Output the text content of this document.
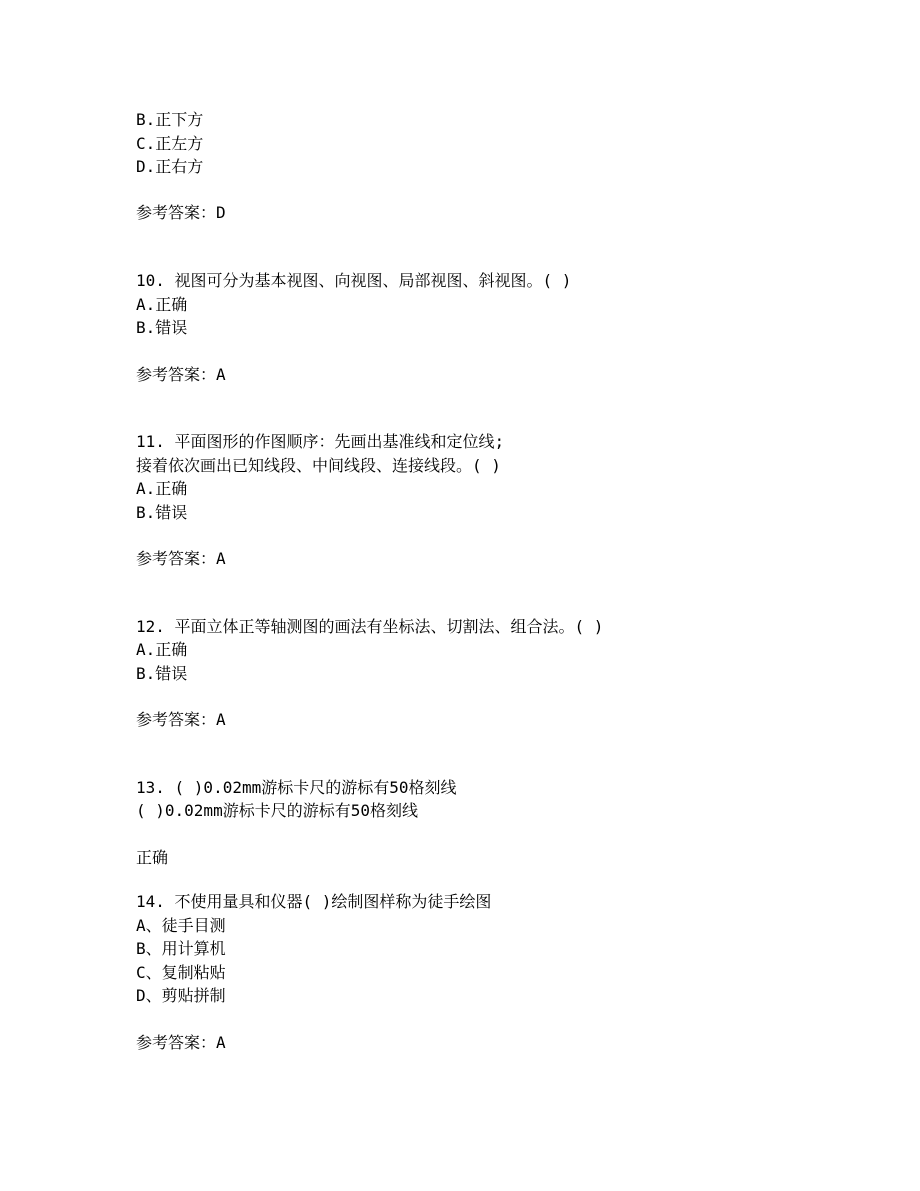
B.正下方
C.正左方
D.正右方
参考答案：D
10. 视图可分为基本视图、向视图、局部视图、斜视图。( )
A.正确
B.错误
参考答案：A
11. 平面图形的作图顺序：先画出基准线和定位线;
接着依次画出已知线段、中间线段、连接线段。( )
A.正确
B.错误
参考答案：A
12. 平面立体正等轴测图的画法有坐标法、切割法、组合法。( )
A.正确
B.错误
参考答案：A
13. ( )0.02mm游标卡尺的游标有50格刻线
( )0.02mm游标卡尺的游标有50格刻线
正确
14. 不使用量具和仪器( )绘制图样称为徒手绘图
A、徒手目测
B、用计算机
C、复制粘贴
D、剪贴拼制
参考答案：A
